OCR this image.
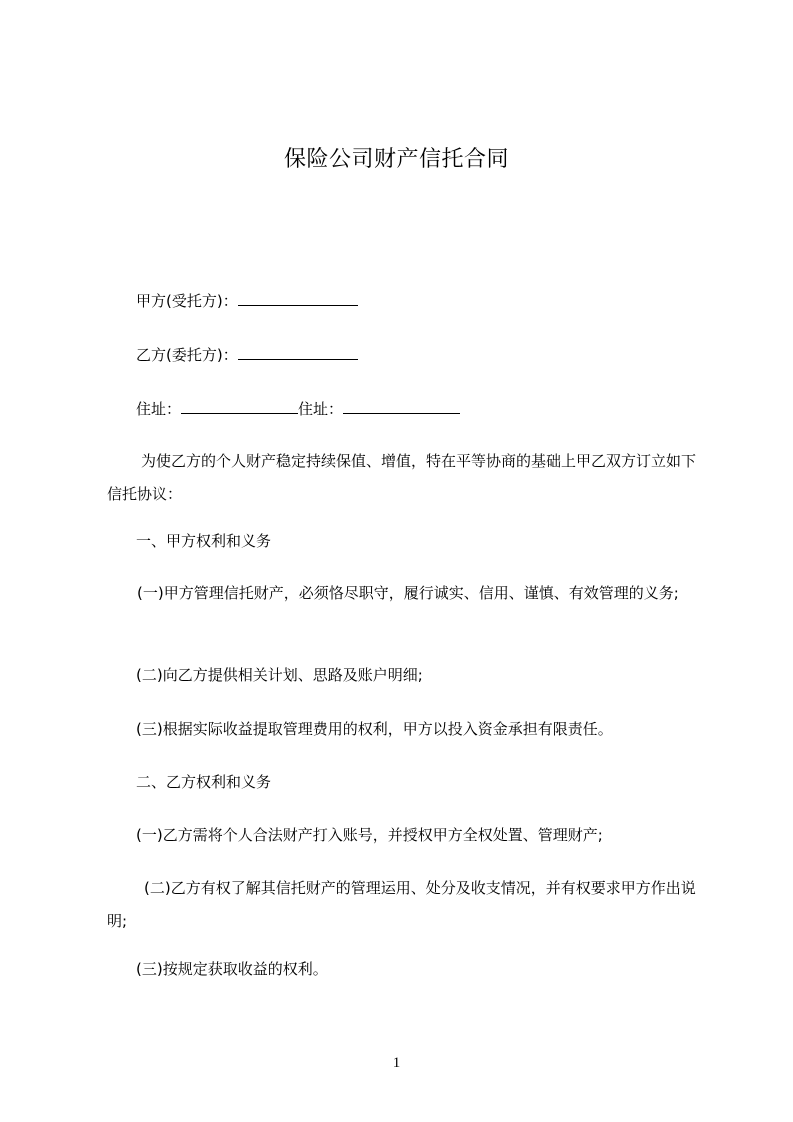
保险公司财产信托合同
甲方(受托方)：
乙方(委托方)：
住址：	住址：
为使乙方的个人财产稳定持续保值、增值，特在平等协商的基础上甲乙双方订立如下信托协议：
一、甲方权利和义务
(一)甲方管理信托财产，必须恪尽职守，履行诚实、信用、谨慎、有效管理的义务;
(二)向乙方提供相关计划、思路及账户明细;
(三)根据实际收益提取管理费用的权利，甲方以投入资金承担有限责任。
二、乙方权利和义务
(一)乙方需将个人合法财产打入账号，并授权甲方全权处置、管理财产;
(二)乙方有权了解其信托财产的管理运用、处分及收支情况，并有权要求甲方作出说明;
(三)按规定获取收益的权利。
1
